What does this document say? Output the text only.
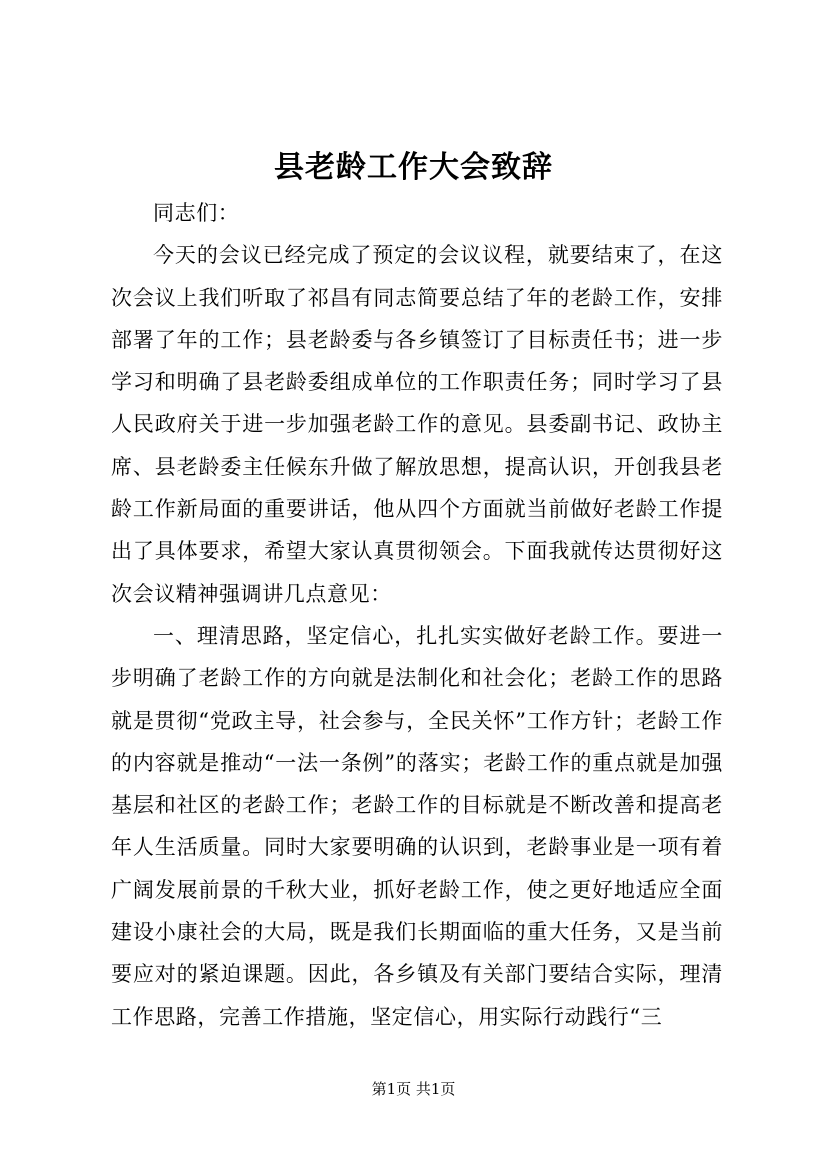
县老龄工作大会致辞

同志们：

今天的会议已经完成了预定的会议议程，就要结束了，在这次会议上我们听取了祁昌有同志简要总结了年的老龄工作，安排部署了年的工作；县老龄委与各乡镇签订了目标责任书；进一步学习和明确了县老龄委组成单位的工作职责任务；同时学习了县人民政府关于进一步加强老龄工作的意见。县委副书记、政协主席、县老龄委主任候东升做了解放思想，提高认识，开创我县老龄工作新局面的重要讲话，他从四个方面就当前做好老龄工作提出了具体要求，希望大家认真贯彻领会。下面我就传达贯彻好这次会议精神强调讲几点意见：

一、理清思路，坚定信心，扎扎实实做好老龄工作。要进一步明确了老龄工作的方向就是法制化和社会化；老龄工作的思路就是贯彻“党政主导，社会参与，全民关怀”工作方针；老龄工作的内容就是推动“一法一条例”的落实；老龄工作的重点就是加强基层和社区的老龄工作；老龄工作的目标就是不断改善和提高老年人生活质量。同时大家要明确的认识到，老龄事业是一项有着广阔发展前景的千秋大业，抓好老龄工作，使之更好地适应全面建设小康社会的大局，既是我们长期面临的重大任务，又是当前要应对的紧迫课题。因此，各乡镇及有关部门要结合实际，理清工作思路，完善工作措施，坚定信心，用实际行动践行“三

第1页 共1页
